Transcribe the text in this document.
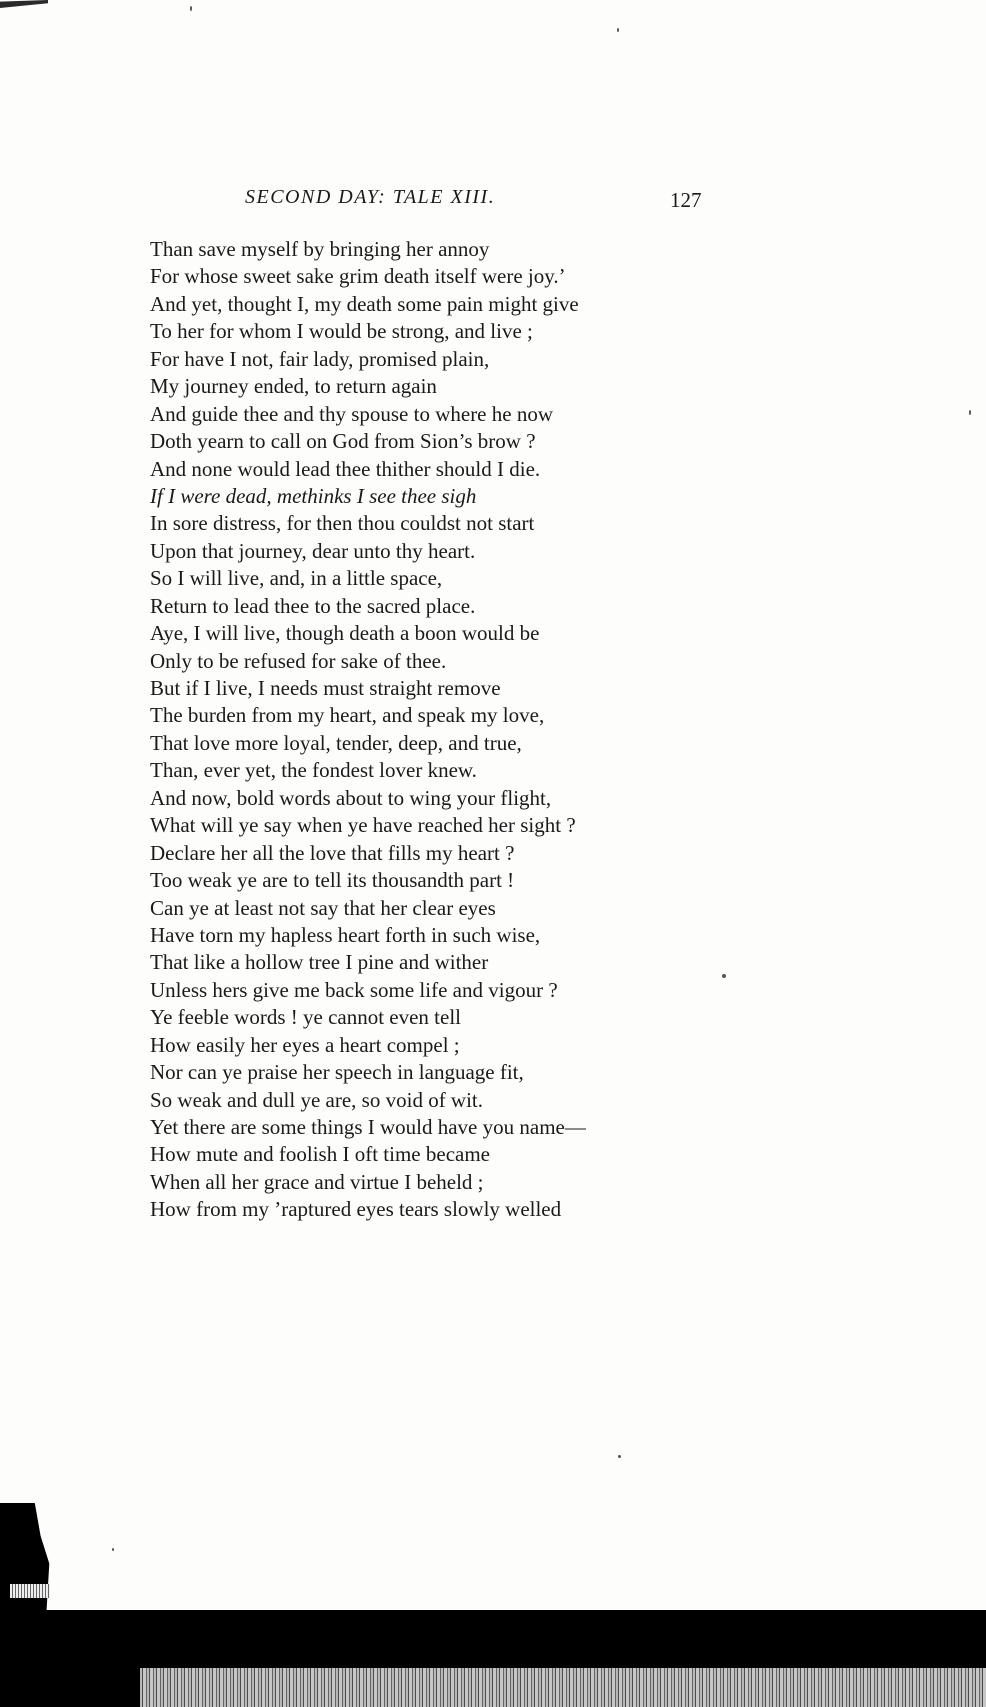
SECOND DAY: TALE XIII.	127
Than save myself by bringing her annoy
For whose sweet sake grim death itself were joy.’
And yet, thought I, my death some pain might give
To her for whom I would be strong, and live ;
For have I not, fair lady, promised plain,
My journey ended, to return again
And guide thee and thy spouse to where he now
Doth yearn to call on God from Sion’s brow ?
And none would lead thee thither should I die.
If I were dead, methinks I see thee sigh
In sore distress, for then thou couldst not start
Upon that journey, dear unto thy heart.
So I will live, and, in a little space,
Return to lead thee to the sacred place.
Aye, I will live, though death a boon would be
Only to be refused for sake of thee.
But if I live, I needs must straight remove
The burden from my heart, and speak my love,
That love more loyal, tender, deep, and true,
Than, ever yet, the fondest lover knew.
And now, bold words about to wing your flight,
What will ye say when ye have reached her sight ?
Declare her all the love that fills my heart ?
Too weak ye are to tell its thousandth part !
Can ye at least not say that her clear eyes
Have torn my hapless heart forth in such wise,
That like a hollow tree I pine and wither
Unless hers give me back some life and vigour ?
Ye feeble words ! ye cannot even tell
How easily her eyes a heart compel ;
Nor can ye praise her speech in language fit,
So weak and dull ye are, so void of wit.
Yet there are some things I would have you name—
How mute and foolish I oft time became
When all her grace and virtue I beheld ;
How from my ’raptured eyes tears slowly welled
